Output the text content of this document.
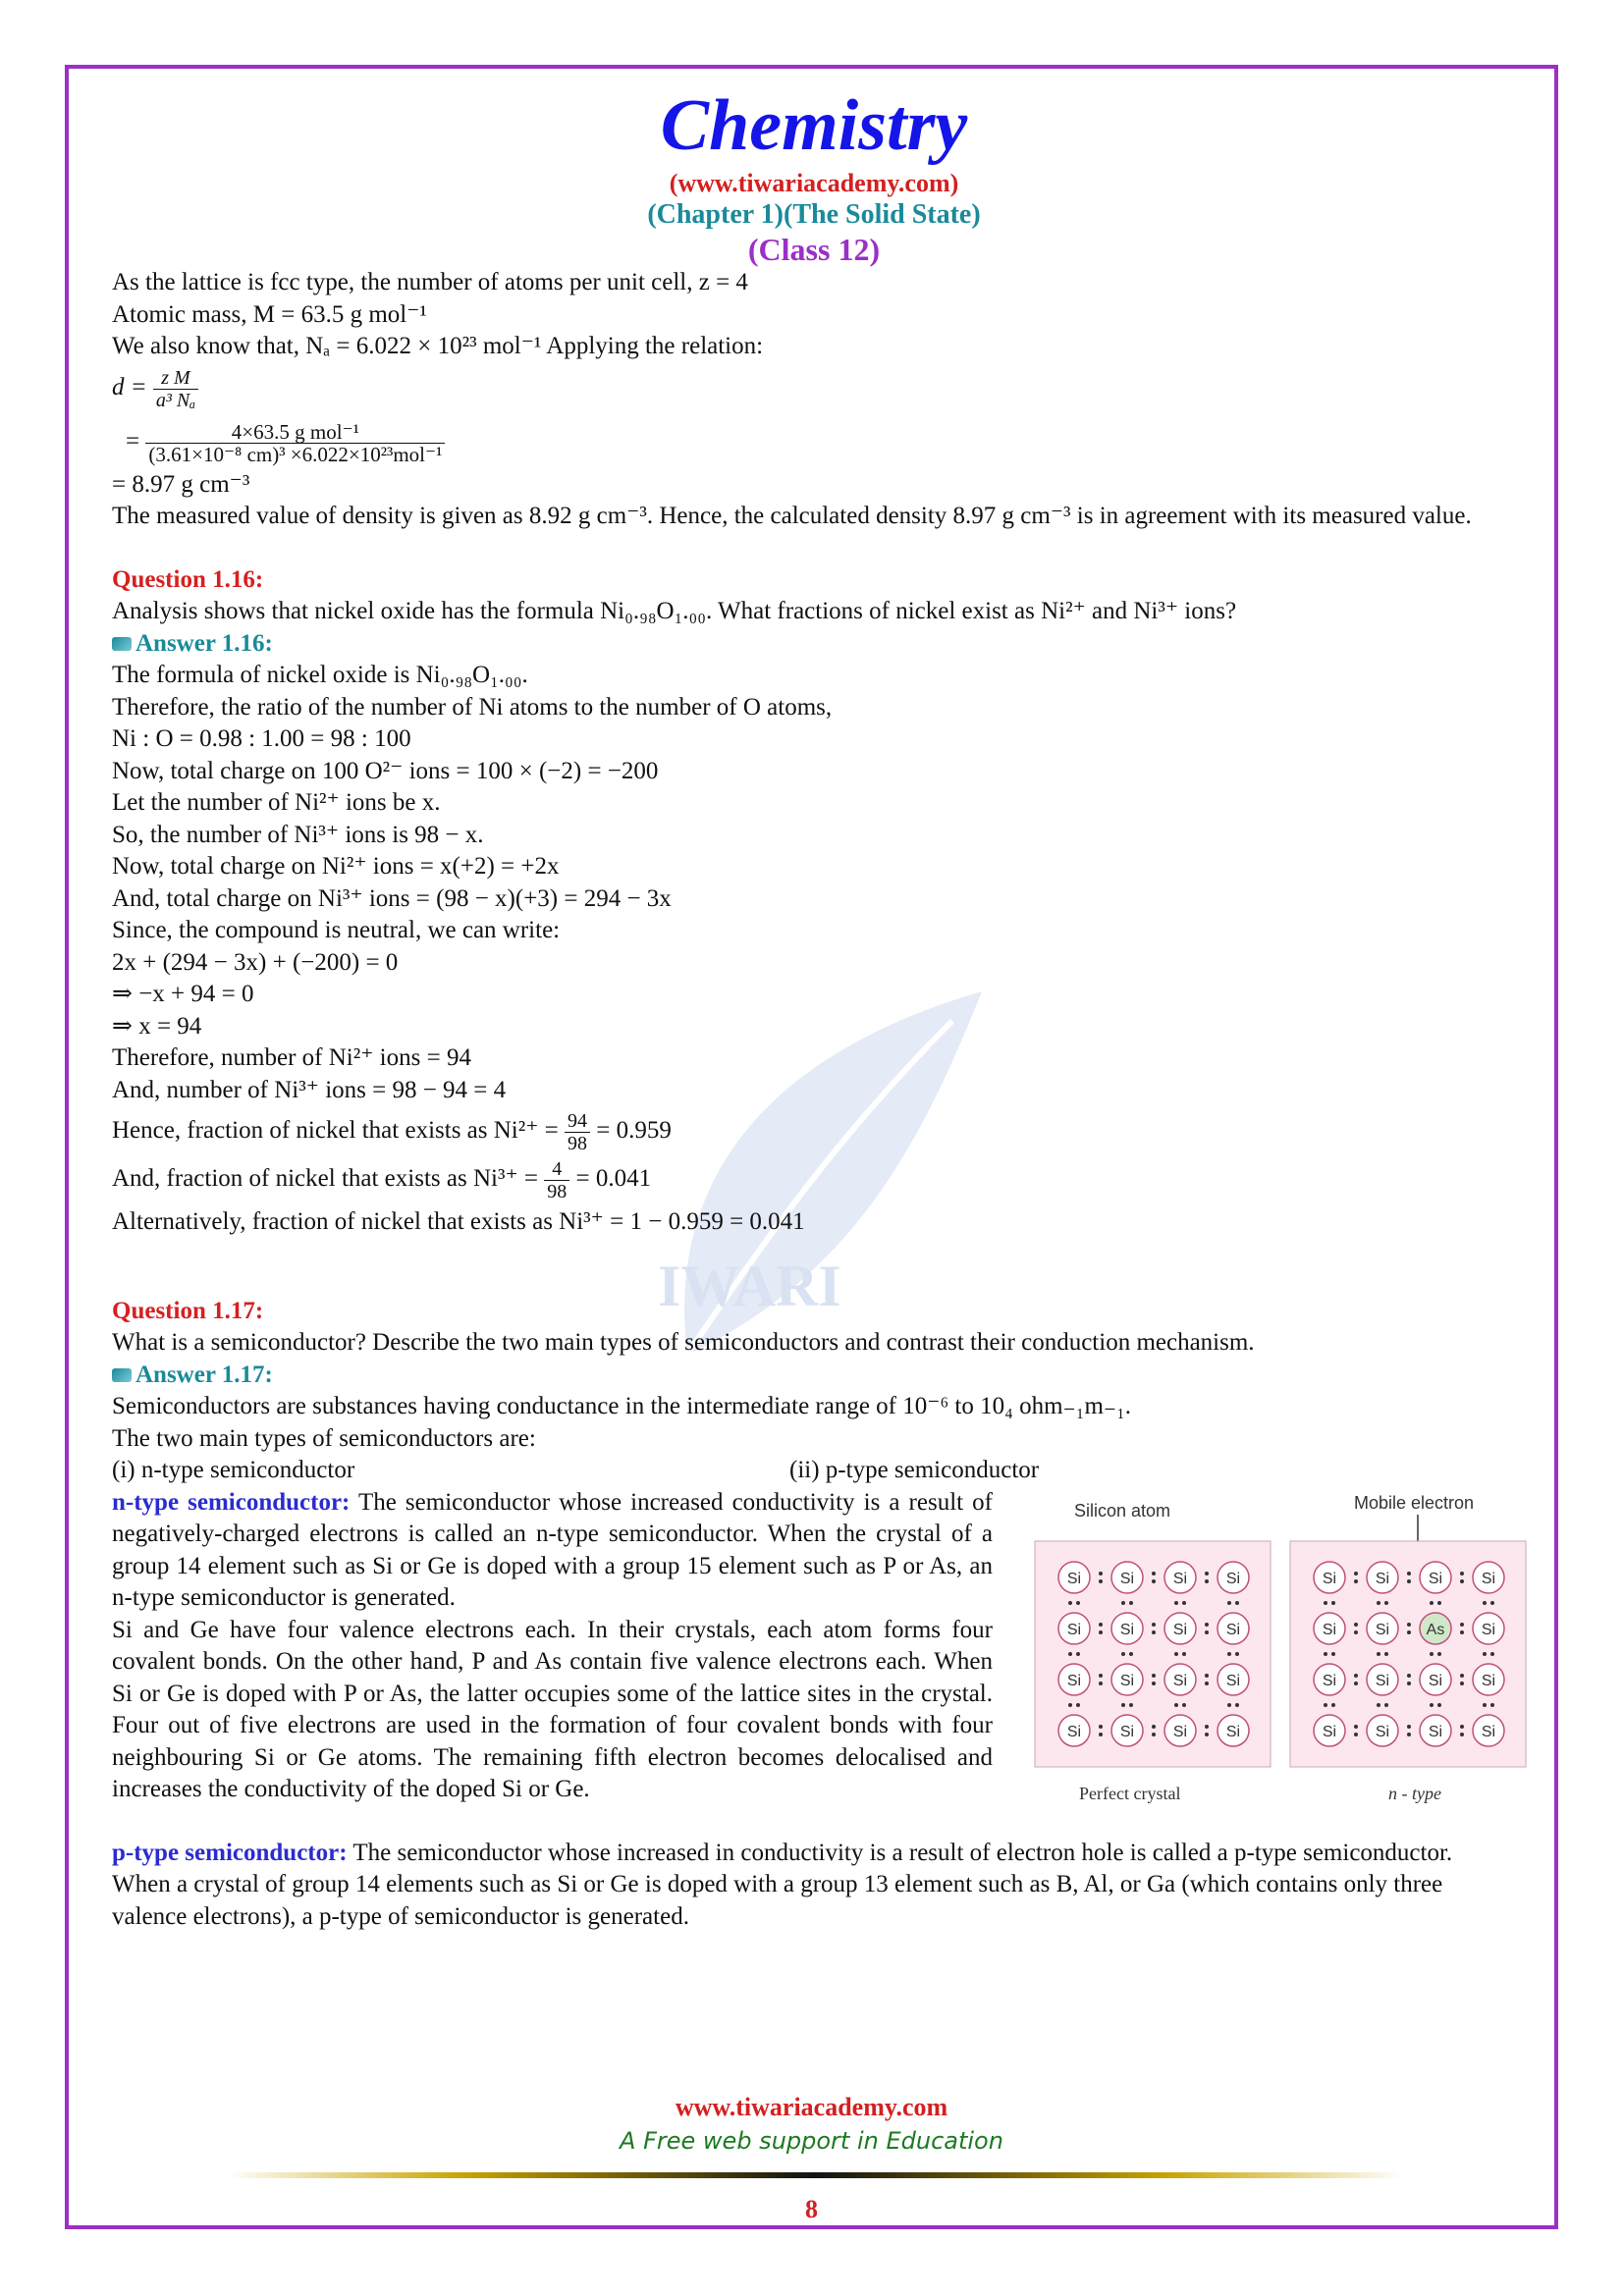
IWARI
Chemistry
(www.tiwariacademy.com)
(Chapter 1)(The Solid State)
(Class 12)

As the lattice is fcc type, the number of atoms per unit cell, z = 4

Atomic mass, M = 63.5 g mol⁻¹

We also know that, Nₐ = 6.022 × 10²³ mol⁻¹ Applying the relation:

$d = \frac{\text{z M}}{\text{a³ Nₐ}}$
= $\frac{\text{4×63.5 g mol⁻¹}}{\text{(3.61×10⁻⁸ cm)³ ×6.022×10²³mol⁻¹}}$

= 8.97 g cm⁻³

The measured value of density is given as 8.92 g cm⁻³. Hence, the calculated density 8.97 g cm⁻³ is in agreement with its measured value.

Question 1.16:

Analysis shows that nickel oxide has the formula Ni₀.₉₈O₁.₀₀. What fractions of nickel exist as Ni²⁺ and Ni³⁺ ions?

Answer 1.16:

The formula of nickel oxide is Ni₀.₉₈O₁.₀₀.

Therefore, the ratio of the number of Ni atoms to the number of O atoms,

Ni : O = 0.98 : 1.00 = 98 : 100

Now, total charge on 100 O²⁻ ions = 100 × (−2) = −200

Let the number of Ni²⁺ ions be x.

So, the number of Ni³⁺ ions is 98 − x.

Now, total charge on Ni²⁺ ions = x(+2) = +2x

And, total charge on Ni³⁺ ions = (98 − x)(+3) = 294 − 3x

Since, the compound is neutral, we can write:

2x + (294 − 3x) + (−200) = 0

⇒ −x + 94 = 0

⇒ x = 94

Therefore, number of Ni²⁺ ions = 94

And, number of Ni³⁺ ions = 98 − 94 = 4

Hence, fraction of nickel that exists as $Ni^{2+} = \frac{94}{98} = 0.959$

And, fraction of nickel that exists as $Ni^{3+} = \frac{4}{98} = 0.041$

Alternatively, fraction of nickel that exists as Ni³⁺ = 1 − 0.959 = 0.041

Question 1.17:

What is a semiconductor? Describe the two main types of semiconductors and contrast their conduction mechanism.

Answer 1.17:

Semiconductors are substances having conductance in the intermediate range of 10⁻⁶ to 10₄ ohm₋₁m₋₁.

The two main types of semiconductors are:

(i) n-type semiconductor	(ii) p-type semiconductor

n-type semiconductor: The semiconductor whose increased conductivity is a result of negatively-charged electrons is called an n-type semiconductor. When the crystal of a group 14 element such as Si or Ge is doped with a group 15 element such as P or As, an n-type semiconductor is generated.

Si and Ge have four valence electrons each. In their crystals, each atom forms four covalent bonds. On the other hand, P and As contain five valence electrons each. When Si or Ge is doped with P or As, the latter occupies some of the lattice sites in the crystal. Four out of five electrons are used in the formation of four covalent bonds with four neighbouring Si or Ge atoms. The remaining fifth electron becomes delocalised and increases the conductivity of the doped Si or Ge.

Silicon atom	Mobile electron
Si Si Si Si
Si Si Si Si
Si Si Si Si
Si Si Si Si
Si Si Si Si
Si Si As Si
Si Si Si Si
Si Si Si Si
Perfect crystal	n - type

p-type semiconductor: The semiconductor whose increased in conductivity is a result of electron hole is called a p-type semiconductor. When a crystal of group 14 elements such as Si or Ge is doped with a group 13 element such as B, Al, or Ga (which contains only three valence electrons), a p-type of semiconductor is generated.

www.tiwariacademy.com
A Free web support in Education
8
